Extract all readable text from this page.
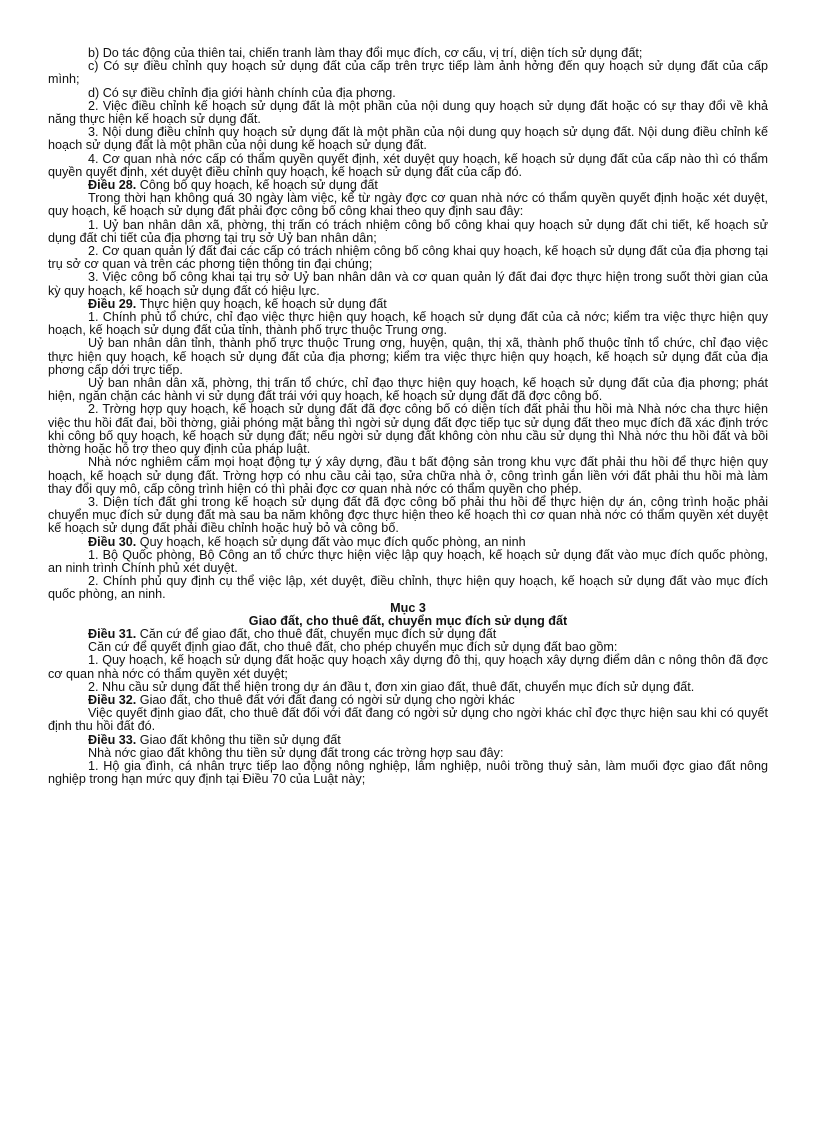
b) Do tác động của thiên tai, chiến tranh làm thay đổi mục đích, cơ cấu, vị trí, diện tích sử dụng đất;

c) Có sự điều chỉnh quy hoạch sử dụng đất của cấp trên trực tiếp làm ảnh hởng đến quy hoạch sử dụng đất của cấp mình;

d) Có sự điều chỉnh địa giới hành chính của địa phơng.

2. Việc điều chỉnh kế hoạch sử dụng đất là một phần của nội dung quy hoạch sử dụng đất hoặc có sự thay đổi về khả năng thực hiện kế hoạch sử dụng đất.

3. Nội dung điều chỉnh quy hoạch sử dụng đất là một phần của nội dung quy hoạch sử dụng đất. Nội dung điều chỉnh kế hoạch sử dụng đất là một phần của nội dung kế hoạch sử dụng đất.

4. Cơ quan nhà nớc cấp có thẩm quyền quyết định, xét duyệt quy hoạch, kế hoạch sử dụng đất của cấp nào thì có thẩm quyền quyết định, xét duyệt điều chỉnh quy hoạch, kế hoạch sử dụng đất của cấp đó.

Điều 28. Công bố quy hoạch, kế hoạch sử dụng đất

Trong thời hạn không quá 30 ngày làm việc, kể từ ngày đợc cơ quan nhà nớc có thẩm quyền quyết định hoặc xét duyệt, quy hoạch, kế hoạch sử dụng đất phải đợc công bố công khai theo quy định sau đây:

1. Uỷ ban nhân dân xã, phờng, thị trấn có trách nhiệm công bố công khai quy hoạch sử dụng đất chi tiết, kế hoạch sử dụng đất chi tiết của địa phơng tại trụ sở Uỷ ban nhân dân;

2. Cơ quan quản lý đất đai các cấp có trách nhiệm công bố công khai quy hoạch, kế hoạch sử dụng đất của địa phơng tại trụ sở cơ quan và trên các phơng tiện thông tin đại chúng;

3. Việc công bố công khai tại trụ sở Uỷ ban nhân dân và cơ quan quản lý đất đai đợc thực hiện trong suốt thời gian của kỳ quy hoạch, kế hoạch sử dụng đất có hiệu lực.

Điều 29. Thực hiện quy hoạch, kế hoạch sử dụng đất

1. Chính phủ tổ chức, chỉ đạo việc thực hiện quy hoạch, kế hoạch sử dụng đất của cả nớc; kiểm tra việc thực hiện quy hoạch, kế hoạch sử dụng đất của tỉnh, thành phố trực thuộc Trung ơng.

Uỷ ban nhân dân tỉnh, thành phố trực thuộc Trung ơng, huyện, quận, thị xã, thành phố thuộc tỉnh tổ chức, chỉ đạo việc thực hiện quy hoạch, kế hoạch sử dụng đất của địa phơng; kiểm tra việc thực hiện quy hoạch, kế hoạch sử dụng đất của địa phơng cấp dới trực tiếp.

Uỷ ban nhân dân xã, phờng, thị trấn tổ chức, chỉ đạo thực hiện quy hoạch, kế hoạch sử dụng đất của địa phơng; phát hiện, ngăn chặn các hành vi sử dụng đất trái với quy hoạch, kế hoạch sử dụng đất đã đợc công bố.

2. Trờng hợp quy hoạch, kế hoạch sử dụng đất đã đợc công bố có diện tích đất phải thu hồi mà Nhà nớc cha thực hiện việc thu hồi đất đai, bồi thờng, giải phóng mặt bằng thì ngời sử dụng đất đợc tiếp tục sử dụng đất theo mục đích đã xác định trớc khi công bố quy hoạch, kế hoạch sử dụng đất; nếu ngời sử dụng đất không còn nhu cầu sử dụng thì Nhà nớc thu hồi đất và bồi thờng hoặc hỗ trợ theo quy định của pháp luật.

Nhà nớc nghiêm cấm mọi hoạt động tự ý xây dựng, đầu t bất động sản trong khu vực đất phải thu hồi để thực hiện quy hoạch, kế hoạch sử dụng đất. Trờng hợp có nhu cầu cải tạo, sửa chữa nhà ở, công trình gắn liền với đất phải thu hồi mà làm thay đổi quy mô, cấp công trình hiện có thì phải đợc cơ quan nhà nớc có thẩm quyền cho phép.

3. Diện tích đất ghi trong kế hoạch sử dụng đất đã đợc công bố phải thu hồi để thực hiện dự án, công trình hoặc phải chuyển mục đích sử dụng đất mà sau ba năm không đợc thực hiện theo kế hoạch thì cơ quan nhà nớc có thẩm quyền xét duyệt kế hoạch sử dụng đất phải điều chỉnh hoặc huỷ bỏ và công bố.

Điều 30. Quy hoạch, kế hoạch sử dụng đất vào mục đích quốc phòng, an ninh

1. Bộ Quốc phòng, Bộ Công an tổ chức thực hiện việc lập quy hoạch, kế hoạch sử dụng đất vào mục đích quốc phòng, an ninh trình Chính phủ xét duyệt.

2. Chính phủ quy định cụ thể việc lập, xét duyệt, điều chỉnh, thực hiện quy hoạch, kế hoạch sử dụng đất vào mục đích quốc phòng, an ninh.

Mục 3

Giao đất, cho thuê đất, chuyển mục đích sử dụng đất

Điều 31. Căn cứ để giao đất, cho thuê đất, chuyển mục đích sử dụng đất

Căn cứ để quyết định giao đất, cho thuê đất, cho phép chuyển mục đích sử dụng đất bao gồm:

1. Quy hoạch, kế hoạch sử dụng đất hoặc quy hoạch xây dựng đô thị, quy hoạch xây dựng điểm dân c nông thôn đã đợc cơ quan nhà nớc có thẩm quyền xét duyệt;

2. Nhu cầu sử dụng đất thể hiện trong dự án đầu t, đơn xin giao đất, thuê đất, chuyển mục đích sử dụng đất.

Điều 32. Giao đất, cho thuê đất với đất đang có ngời sử dụng cho ngời khác

Việc quyết định giao đất, cho thuê đất đối với đất đang có ngời sử dụng cho ngời khác chỉ đợc thực hiện sau khi có quyết định thu hồi đất đó.

Điều 33. Giao đất không thu tiền sử dụng đất

Nhà nớc giao đất không thu tiền sử dụng đất trong các trờng hợp sau đây:

1. Hộ gia đình, cá nhân trực tiếp lao động nông nghiệp, lâm nghiệp, nuôi trồng thuỷ sản, làm muối đợc giao đất nông nghiệp trong hạn mức quy định tại Điều 70 của Luật này;
